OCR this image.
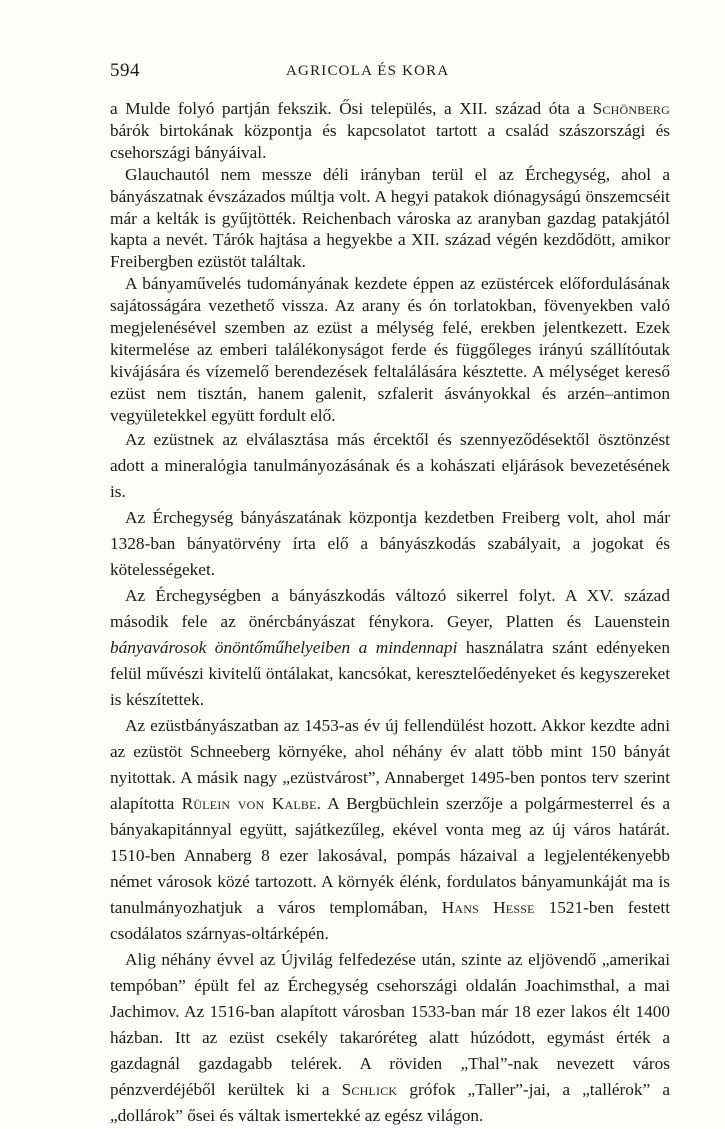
594	AGRICOLA ÉS KORA

a Mulde folyó partján fekszik. Ősi település, a XII. század óta a Schönberg bárók birtokának központja és kapcsolatot tartott a család szászországi és csehországi bányáival.

Glauchautól nem messze déli irányban terül el az Érchegység, ahol a bányászatnak évszázados múltja volt. A hegyi patakok diónagyságú önszemcséit már a kelták is gyűjtötték. Reichenbach városka az aranyban gazdag patakjától kapta a nevét. Tárók hajtása a hegyekbe a XII. század végén kezdődött, amikor Freibergben ezüstöt találtak.

A bányaművelés tudományának kezdete éppen az ezüstércek előfordulásának sajátosságára vezethető vissza. Az arany és ón torlatokban, fövenyekben való megjelenésével szemben az ezüst a mélység felé, erekben jelentkezett. Ezek kitermelése az emberi találékonyságot ferde és függőleges irányú szállítóutak kivájására és vízemelő berendezések feltalálására késztette. A mélységet kereső ezüst nem tisztán, hanem galenit, szfalerit ásványokkal és arzén–antimon vegyületekkel együtt fordult elő.

Az ezüstnek az elválasztása más ércektől és szennyeződésektől ösztönzést adott a mineralógia tanulmányozásának és a kohászati eljárások bevezetésének is.

Az Érchegység bányászatának központja kezdetben Freiberg volt, ahol már 1328-ban bányatörvény írta elő a bányászkodás szabályait, a jogokat és kötelességeket.

Az Érchegységben a bányászkodás változó sikerrel folyt. A XV. század második fele az önércbányászat fénykora. Geyer, Platten és Lauenstein bányavárosok önöntőműhelyeiben a mindennapi használatra szánt edényeken felül művészi kivitelű öntálakat, kancsókat, keresztelőedényeket és kegyszereket is készítettek.

Az ezüstbányászatban az 1453-as év új fellendülést hozott. Akkor kezdte adni az ezüstöt Schneeberg környéke, ahol néhány év alatt több mint 150 bányát nyitottak. A másik nagy „ezüstvárost”, Annaberget 1495-ben pontos terv szerint alapította Rülein von Kalbe. A Bergbüchlein szerzője a polgármesterrel és a bányakapitánnyal együtt, sajátkezűleg, ekével vonta meg az új város határát. 1510-ben Annaberg 8 ezer lakosával, pompás házaival a legjelentékenyebb német városok közé tartozott. A környék élénk, fordulatos bányamunkáját ma is tanulmányozhatjuk a város templomában, Hans Hesse 1521-ben festett csodálatos szárnyas-oltárképén.

Alig néhány évvel az Újvilág felfedezése után, szinte az eljövendő „amerikai tempóban” épült fel az Érchegység csehországi oldalán Joachimsthal, a mai Jachimov. Az 1516-ban alapított városban 1533-ban már 18 ezer lakos élt 1400 házban. Itt az ezüst csekély takaróréteg alatt húzódott, egymást érték a gazdagnál gazdagabb telérek. A röviden „Thal”-nak nevezett város pénzverdéjéből kerültek ki a Schlick grófok „Taller”-jai, a „tallérok” a „dollárok” ősei és váltak ismertekké az egész világon.
